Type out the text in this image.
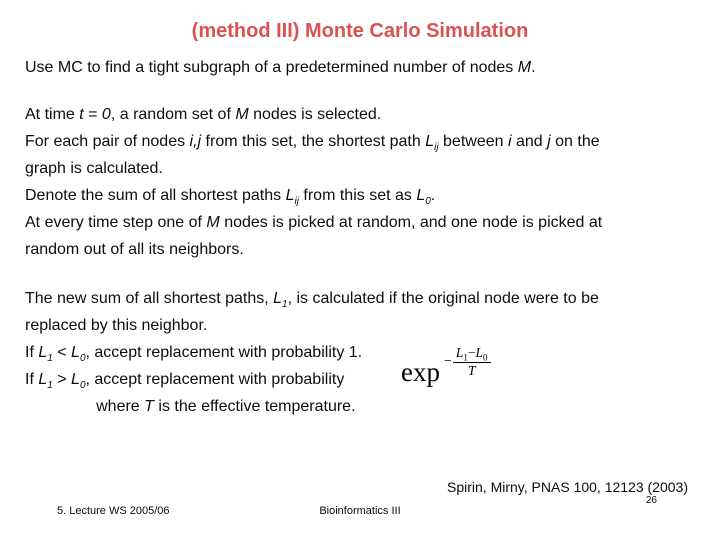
(method III) Monte Carlo Simulation
Use MC to find a tight subgraph of a predetermined number of nodes M.
At time t = 0, a random set of M nodes is selected.
For each pair of nodes i,j from this set, the shortest path $L_{ij}$ between i and j on the
graph is calculated.
Denote the sum of all shortest paths $L_{ij}$ from this set as $L_0$.
At every time step one of M nodes is picked at random, and one node is picked at
random out of all its neighbors.
The new sum of all shortest paths, $L_1$, is calculated if the original node were to be
replaced by this neighbor.
If $L_1 < L_0$, accept replacement with probability 1.
If $L_1 > L_0$, accept replacement with probability
where T is the effective temperature.
$\exp - \frac{L_1-L_0}{T}$
Spirin, Mirny, PNAS 100, 12123 (2003)
26
5. Lecture WS 2005/06	Bioinformatics III
